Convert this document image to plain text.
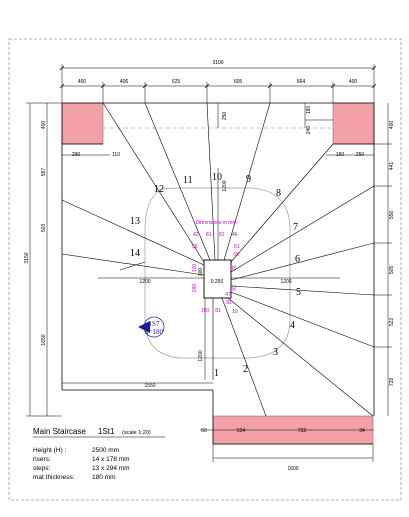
3100
400	406	625	605	664	400
400
597
503
3150
1650
400
441
556
505
522
728
290	110	150 250
180
240
250
1200
1200
300
1200	1200
1550
0.250
50	524	732	34
1600
1 2
3
4
5
6
7
8
9
10
11
12
13
14
Dimensions in mm
42 81 81 46
58	51
100	78
260	83
150 81
81
19
47
65
1S7
h=180
Main Staircase 1St1 (scale 1:20)
Height (H) :	2500 mm
risers:	14 x 178 mm
steps:	13 x 294 mm
mat thickness:	180 mm
